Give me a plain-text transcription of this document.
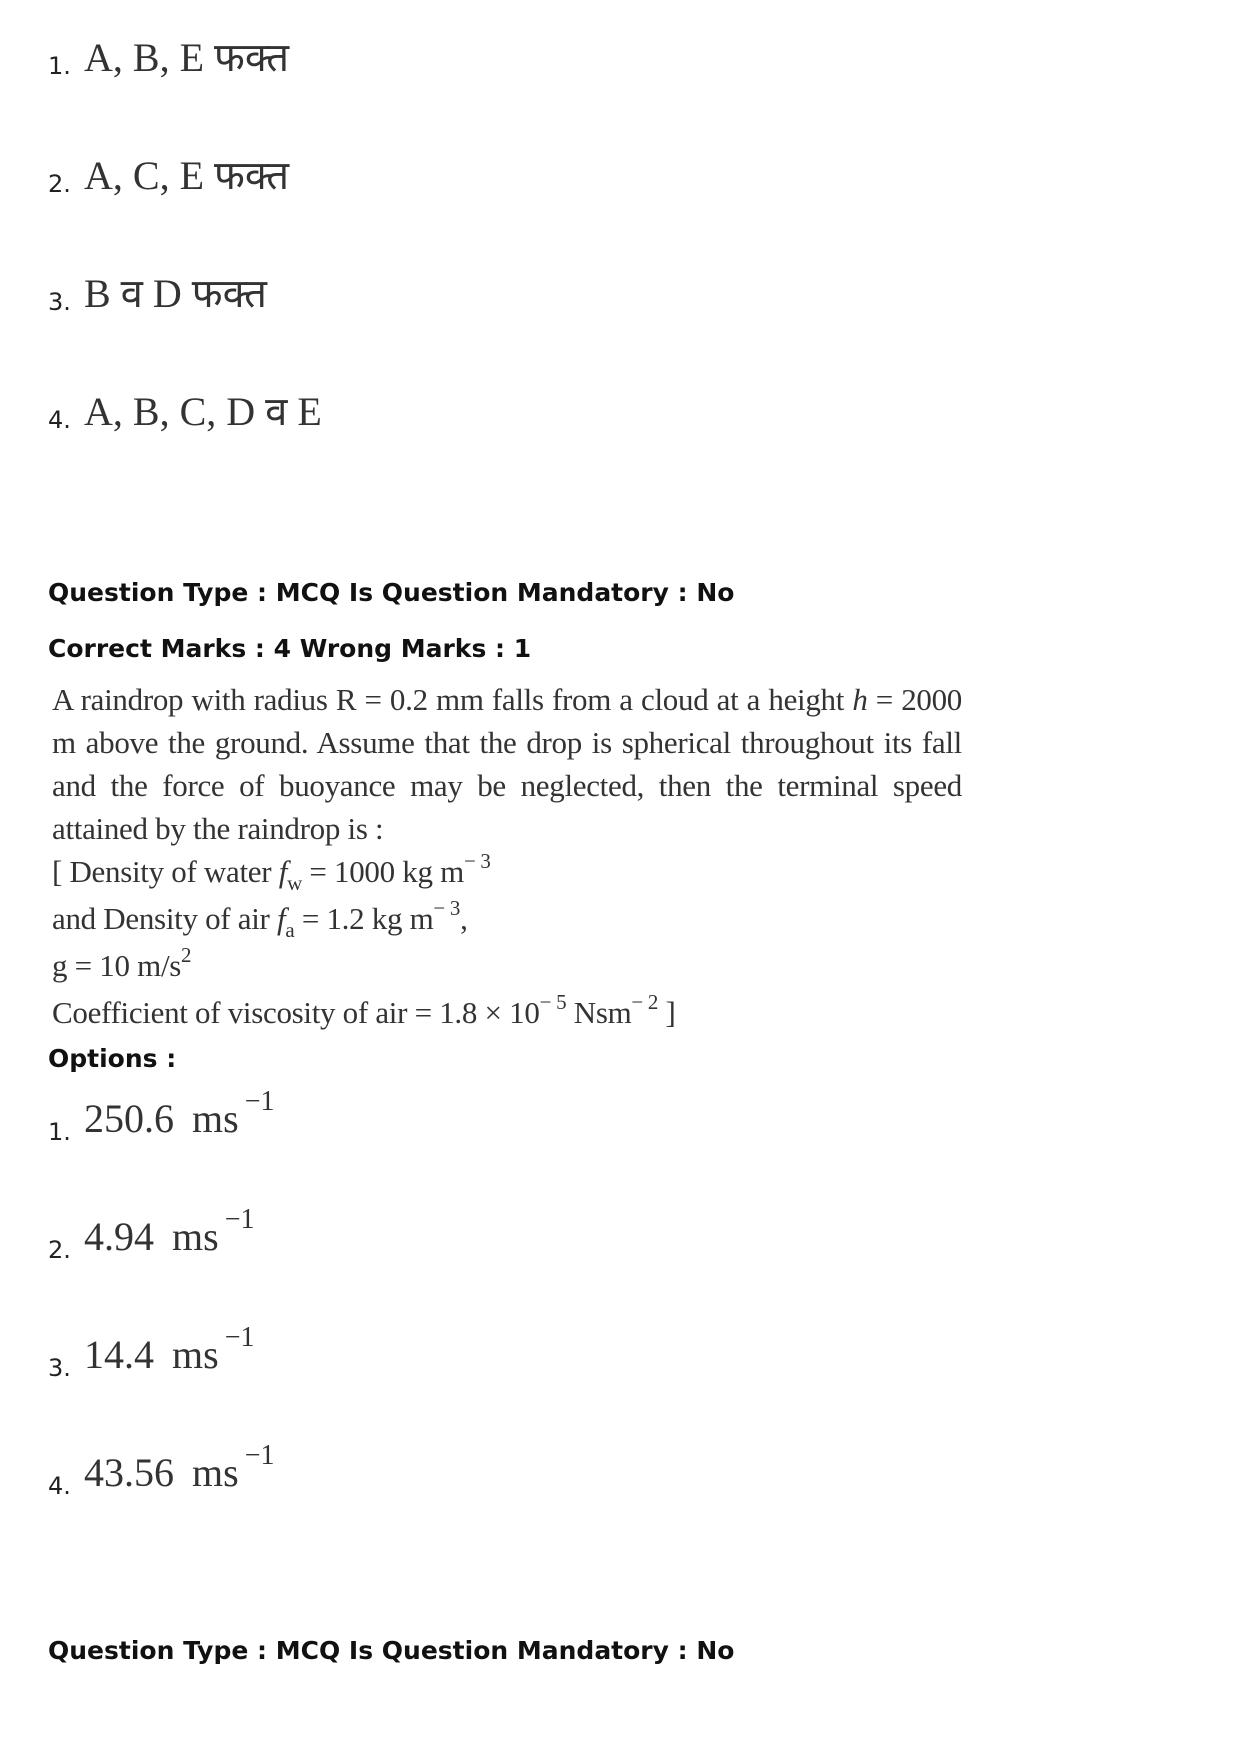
1. A, B, E फक्त
2. A, C, E फक्त
3. B व D फक्त
4. A, B, C, D व E
Question Type : MCQ Is Question Mandatory : No
Correct Marks : 4 Wrong Marks : 1

A raindrop with radius R = 0.2 mm falls from a cloud at a height h = 2000 m above the ground. Assume that the drop is spherical throughout its fall and the force of buoyance may be neglected, then the terminal speed attained by the raindrop is :

[ Density of water $f_w = 1000$ kg $m^{- 3}$

and Density of air $f_a = 1.2$ kg $m^{- 3}$,

g = 10 $m/s^2$

Coefficient of viscosity of air = $1.8 \times 10^{- 5}$ Nsm$^{- 2}$ ]

Options :
1. 250.6 ms $^{-1}$
2. 4.94 ms $^{-1}$
3. 14.4 ms $^{-1}$
4. 43.56 ms $^{-1}$
Question Type : MCQ Is Question Mandatory : No
